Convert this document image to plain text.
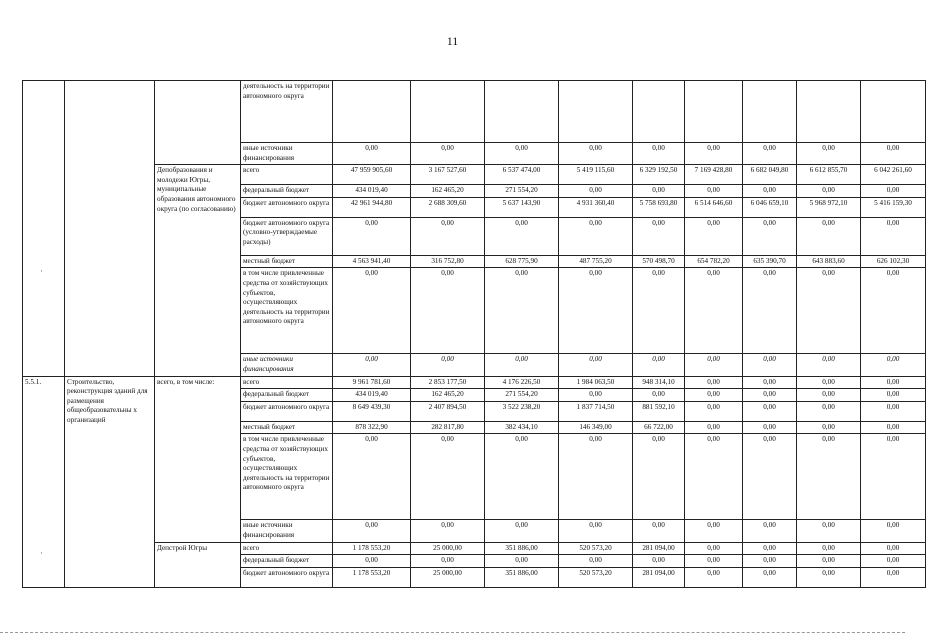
11
			деятельность на территории автономного округа									
			иные источники финансирования	0,00	0,00	0,00	0,00	0,00	0,00	0,00	0,00	0,00
		Депобразования и молодежи Югры, муниципальные образования автономного округа (по согласованию)	всего	47 959 905,60	3 167 527,60	6 537 474,00	5 419 115,60	6 329 192,50	7 169 428,80	6 682 049,80	6 612 855,70	6 042 261,60
			федеральный бюджет	434 019,40	162 465,20	271 554,20	0,00	0,00	0,00	0,00	0,00	0,00
			бюджет автономного округа	42 961 944,80	2 688 309,60	5 637 143,90	4 931 360,40	5 758 693,80	6 514 646,60	6 046 659,10	5 968 972,10	5 416 159,30
			бюджет автономного округа (условно-утверждаемые расходы)	0,00	0,00	0,00	0,00	0,00	0,00	0,00	0,00	0,00
			местный бюджет	4 563 941,40	316 752,80	628 775,90	487 755,20	570 498,70	654 782,20	635 390,70	643 883,60	626 102,30
			в том числе привлеченные средства от хозяйствующих субъектов, осуществляющих деятельность на территории автономного округа	0,00	0,00	0,00	0,00	0,00	0,00	0,00	0,00	0,00
			иные источники финансирования	0,00	0,00	0,00	0,00	0,00	0,00	0,00	0,00	0,00
5.5.1.	Строительство, реконструкция зданий для размещения общеобразовательны х организаций	всего, в том числе:	всего	9 961 781,60	2 853 177,50	4 176 226,50	1 984 063,50	948 314,10	0,00	0,00	0,00	0,00
			федеральный бюджет	434 019,40	162 465,20	271 554,20	0,00	0,00	0,00	0,00	0,00	0,00
			бюджет автономного округа	8 649 439,30	2 407 894,50	3 522 238,20	1 837 714,50	881 592,10	0,00	0,00	0,00	0,00
			местный бюджет	878 322,90	282 817,80	382 434,10	146 349,00	66 722,00	0,00	0,00	0,00	0,00
			в том числе привлеченные средства от хозяйствующих субъектов, осуществляющих деятельность на территории автономного округа	0,00	0,00	0,00	0,00	0,00	0,00	0,00	0,00	0,00
			иные источники финансирования	0,00	0,00	0,00	0,00	0,00	0,00	0,00	0,00	0,00
		Депстрой Югры	всего	1 178 553,20	25 000,00	351 886,00	520 573,20	281 094,00	0,00	0,00	0,00	0,00
			федеральный бюджет	0,00	0,00	0,00	0,00	0,00	0,00	0,00	0,00	0,00
			бюджет автономного округа	1 178 553,20	25 000,00	351 886,00	520 573,20	281 094,00	0,00	0,00	0,00	0,00
·
·
